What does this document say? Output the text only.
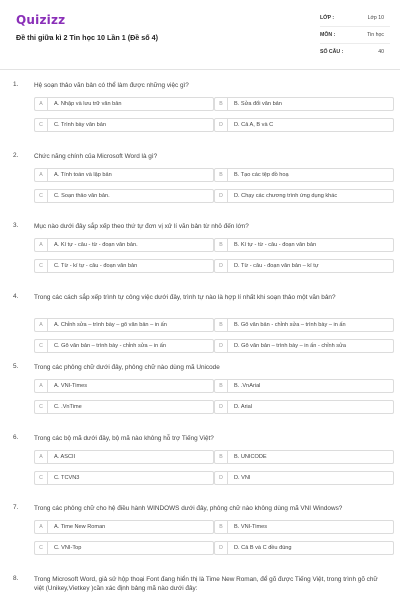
Quizizz
Đề thi giữa kì 2 Tin học 10 Lần 1 (Đề số 4)
LỚP :	Lớp 10
MÔN :	Tin học
SỐ CÂU :	40
1. Hệ soạn thảo văn bản có thể làm được những việc gì?
A	A. Nhập và lưu trữ văn bản	B	B. Sửa đổi văn bản
C	C. Trình bày văn bản	D	D. Cả A, B và C
2. Chức năng chính của Microsoft Word là gì?
A	A. Tính toán và lập bản	B	B. Tạo các tệp đồ hoạ
C	C. Soạn thảo văn bản.	D	D. Chạy các chương trình ứng dụng khác
3. Mục nào dưới đây sắp xếp theo thứ tự đơn vị xử lí văn bản từ nhỏ đến lớn?
A	A. Kí tự - câu - từ - đoạn văn bản.	B	B. Kí tự - từ - câu - đoạn văn bản
C	C. Từ - kí tự - câu - đoạn văn bản	D	D. Từ - câu - đoạn văn bản – kí tự
4. Trong các cách sắp xếp trình tự công việc dưới đây, trình tự nào là hợp lí nhất khi soạn thảo một văn bản?
A	A. Chỉnh sửa – trình bày – gõ văn bản – in ấn	B	B. Gõ văn bản - chỉnh sửa – trình bày – in ấn
C	C. Gõ văn bản – trình bày - chỉnh sửa – in ấn	D	D. Gõ văn bản – trình bày – in ấn - chỉnh sửa
5. Trong các phông chữ dưới đây, phông chữ nào dùng mã Unicode
A	A. VNI-Times	B	B. .VnArial
C	C. .VnTime	D	D. Arial
6. Trong các bộ mã dưới đây, bộ mã nào không hỗ trợ Tiếng Việt?
A	A. ASCII	B	B. UNICODE
C	C. TCVN3	D	D. VNI
7. Trong các phông chữ cho hệ điều hành WINDOWS dưới đây, phông chữ nào không dùng mã VNI Windows?
A	A. Time New Roman	B	B. VNI-Times
C	C. VNI-Top	D	D. Cả B và C đều đúng
8. Trong Microsoft Word, giả sử hộp thoại Font đang hiển thị là Time New Roman, để gõ được Tiếng Việt, trong trình gõ chữ việt (Unikey,Vietkey )cần xác định bảng mã nào dưới đây:
